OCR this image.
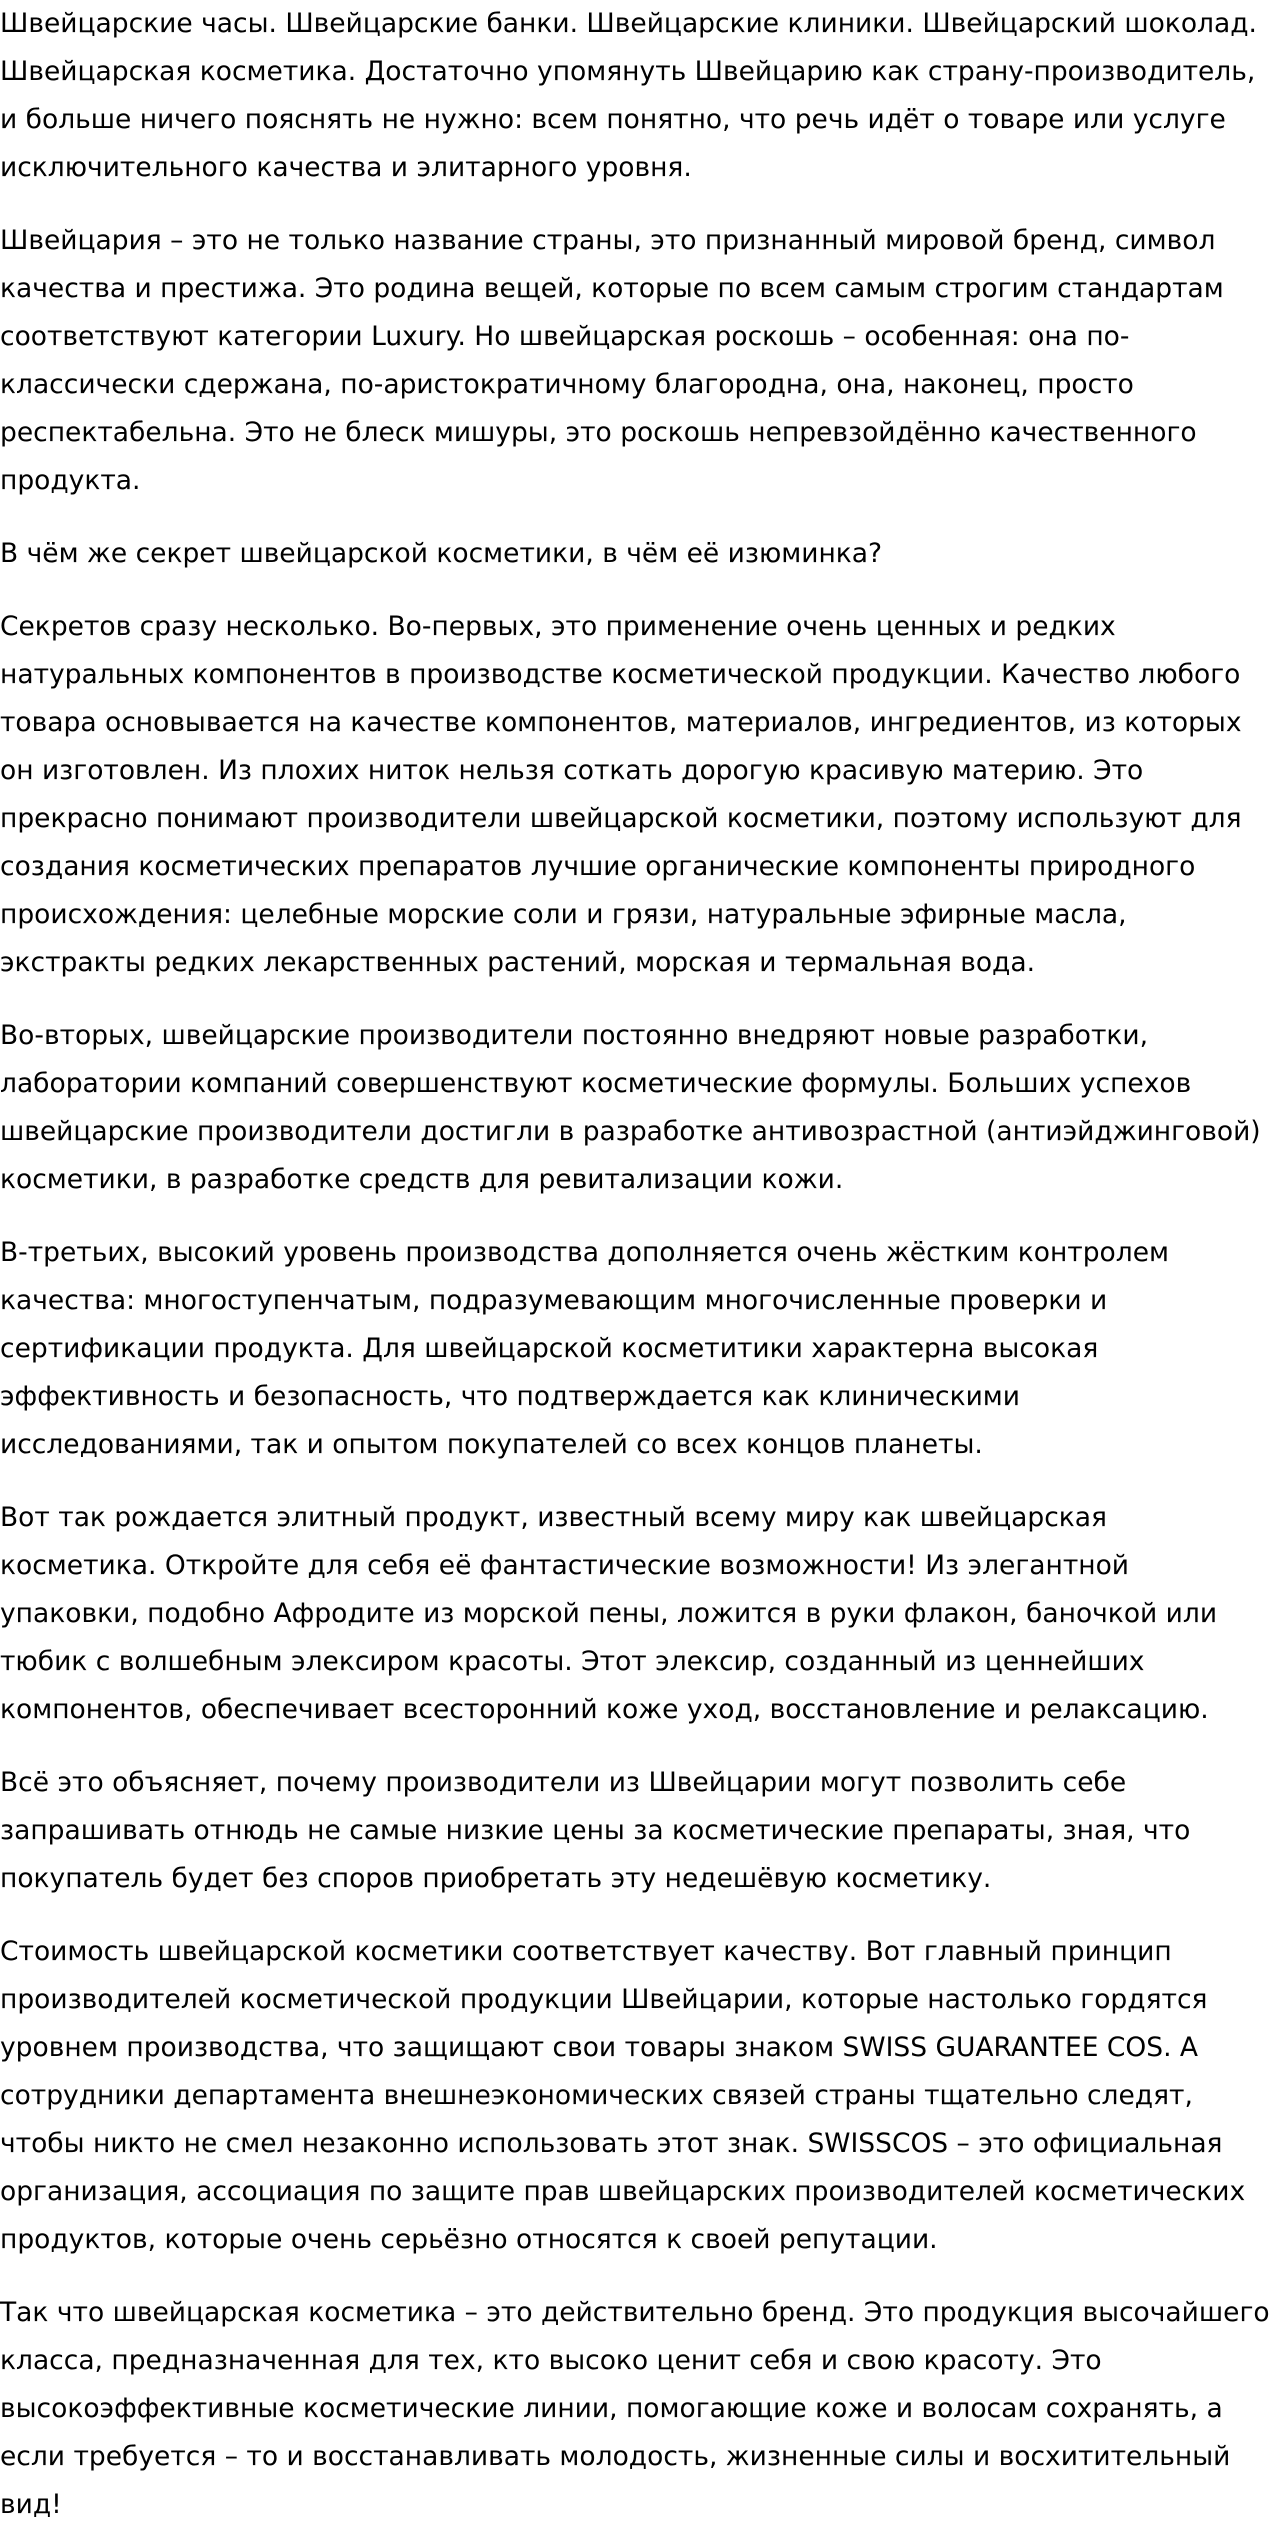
Швейцарские часы. Швейцарские банки. Швейцарские клиники. Швейцарский шоколад. Швейцарская косметика. Достаточно упомянуть Швейцарию как страну-производитель, и больше ничего пояснять не нужно: всем понятно, что речь идёт о товаре или услуге исключительного качества и элитарного уровня.

Швейцария – это не только название страны, это признанный мировой бренд, символ качества и престижа. Это родина вещей, которые по всем самым строгим стандартам соответствуют категории Luxury. Но швейцарская роскошь – особенная: она по-классически сдержана, по-аристократичному благородна, она, наконец, просто респектабельна. Это не блеск мишуры, это роскошь непревзойдённо качественного продукта.

В чём же секрет швейцарской косметики, в чём её изюминка?

Секретов сразу несколько. Во-первых, это применение очень ценных и редких натуральных компонентов в производстве косметической продукции. Качество любого товара основывается на качестве компонентов, материалов, ингредиентов, из которых он изготовлен. Из плохих ниток нельзя соткать дорогую красивую материю. Это прекрасно понимают производители швейцарской косметики, поэтому используют для создания косметических препаратов лучшие органические компоненты природного происхождения: целебные морские соли и грязи, натуральные эфирные масла, экстракты редких лекарственных растений, морская и термальная вода.

Во-вторых, швейцарские производители постоянно внедряют новые разработки, лаборатории компаний совершенствуют косметические формулы. Больших успехов швейцарские производители достигли в разработке антивозрастной (антиэйджинговой) косметики, в разработке средств для ревитализации кожи.

В-третьих, высокий уровень производства дополняется очень жёстким контролем качества: многоступенчатым, подразумевающим многочисленные проверки и сертификации продукта. Для швейцарской косметитики характерна высокая эффективность и безопасность, что подтверждается как клиническими исследованиями, так и опытом покупателей со всех концов планеты.

Вот так рождается элитный продукт, известный всему миру как швейцарская косметика. Откройте для себя её фантастические возможности! Из элегантной упаковки, подобно Афродите из морской пены, ложится в руки флакон, баночкой или тюбик с волшебным элексиром красоты. Этот элексир, созданный из ценнейших компонентов, обеспечивает всесторонний коже уход, восстановление и релаксацию.

Всё это объясняет, почему производители из Швейцарии могут позволить себе запрашивать отнюдь не самые низкие цены за косметические препараты, зная, что покупатель будет без споров приобретать эту недешёвую косметику.

Стоимость швейцарской косметики соответствует качеству. Вот главный принцип производителей косметической продукции Швейцарии, которые настолько гордятся уровнем производства, что защищают свои товары знаком SWISS GUARANTEE COS. А сотрудники департамента внешнеэкономических связей страны тщательно следят, чтобы никто не смел незаконно использовать этот знак. SWISSCOS – это официальная организация, ассоциация по защите прав швейцарских производителей косметических продуктов, которые очень серьёзно относятся к своей репутации.

Так что швейцарская косметика – это действительно бренд. Это продукция высочайшего класса, предназначенная для тех, кто высоко ценит себя и свою красоту. Это высокоэффективные косметические линии, помогающие коже и волосам сохранять, а если требуется – то и восстанавливать молодость, жизненные силы и восхитительный вид!
